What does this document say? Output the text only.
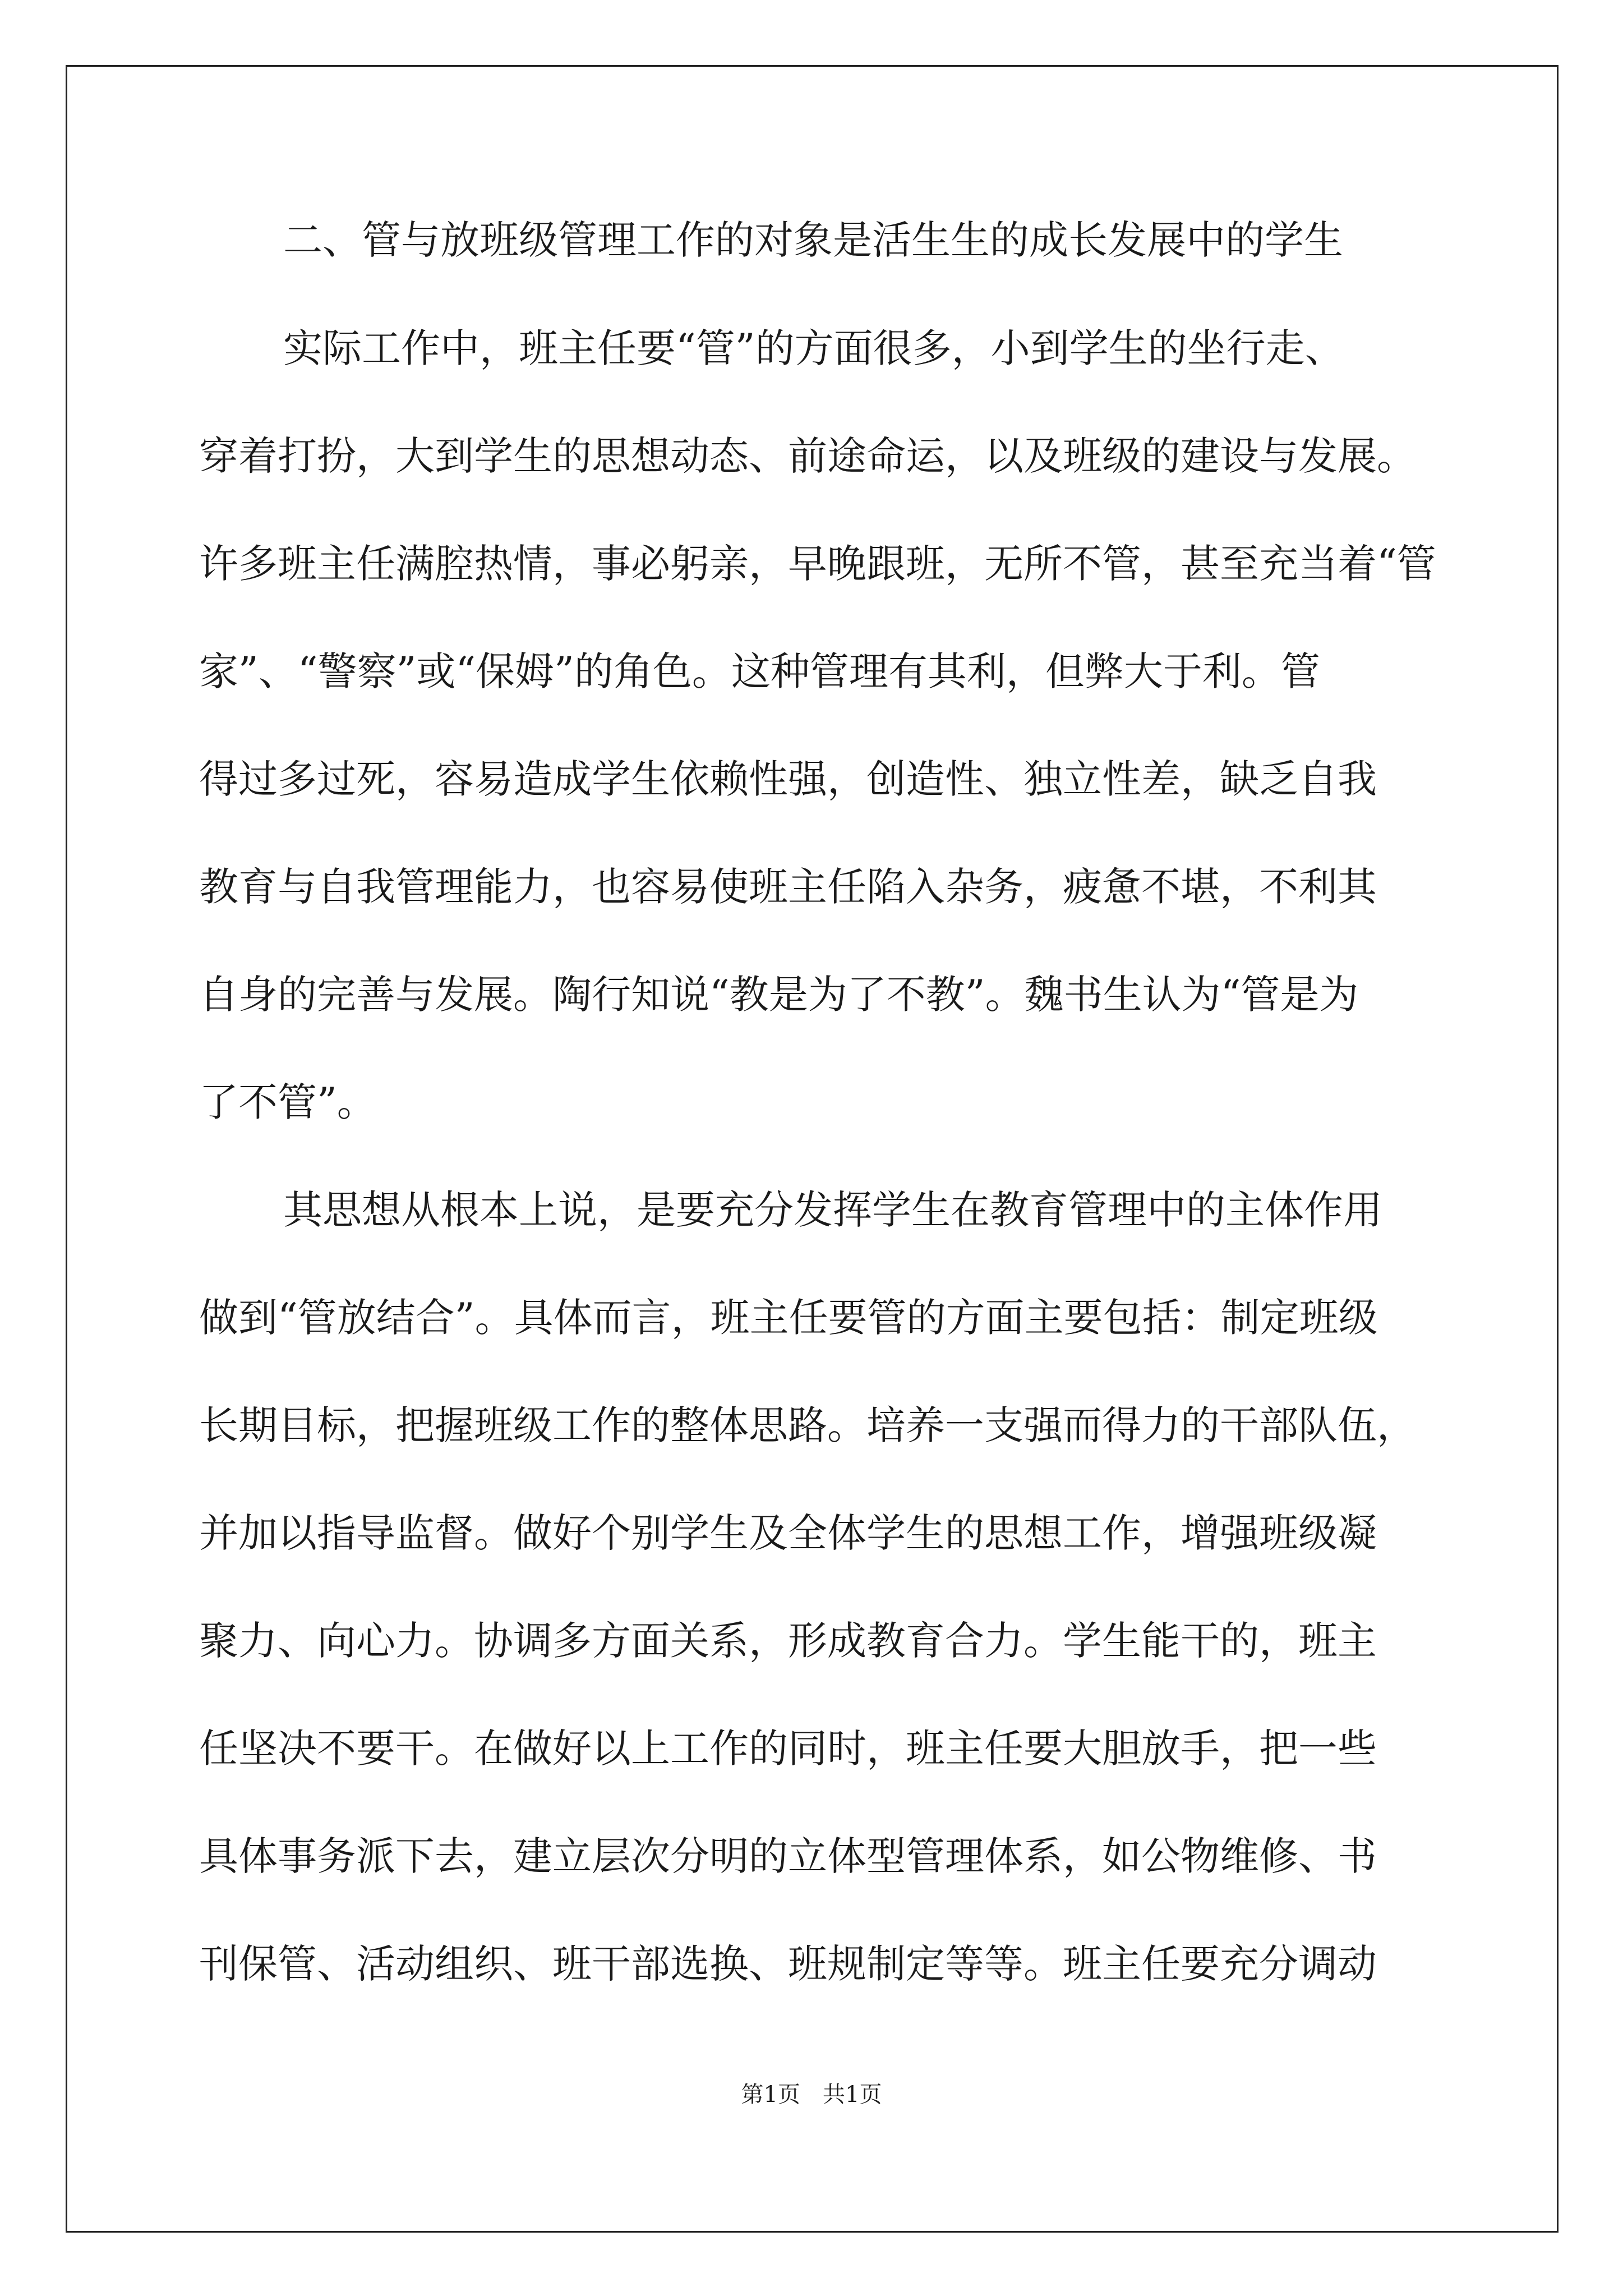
二、管与放班级管理工作的对象是活生生的成长发展中的学生
实际工作中，班主任要“管”的方面很多，小到学生的坐行走、
穿着打扮，大到学生的思想动态、前途命运，以及班级的建设与发展。
许多班主任满腔热情，事必躬亲，早晚跟班，无所不管，甚至充当着“管
家”、“警察”或“保姆”的角色。这种管理有其利，但弊大于利。管
得过多过死，容易造成学生依赖性强，创造性、独立性差，缺乏自我
教育与自我管理能力，也容易使班主任陷入杂务，疲惫不堪，不利其
自身的完善与发展。陶行知说“教是为了不教”。魏书生认为“管是为
了不管”。
其思想从根本上说，是要充分发挥学生在教育管理中的主体作用
做到“管放结合”。具体而言，班主任要管的方面主要包括：制定班级
长期目标，把握班级工作的整体思路。培养一支强而得力的干部队伍，
并加以指导监督。做好个别学生及全体学生的思想工作，增强班级凝
聚力、向心力。协调多方面关系，形成教育合力。学生能干的，班主
任坚决不要干。在做好以上工作的同时，班主任要大胆放手，把一些
具体事务派下去，建立层次分明的立体型管理体系，如公物维修、书
刊保管、活动组织、班干部选换、班规制定等等。班主任要充分调动
第1页　共1页
